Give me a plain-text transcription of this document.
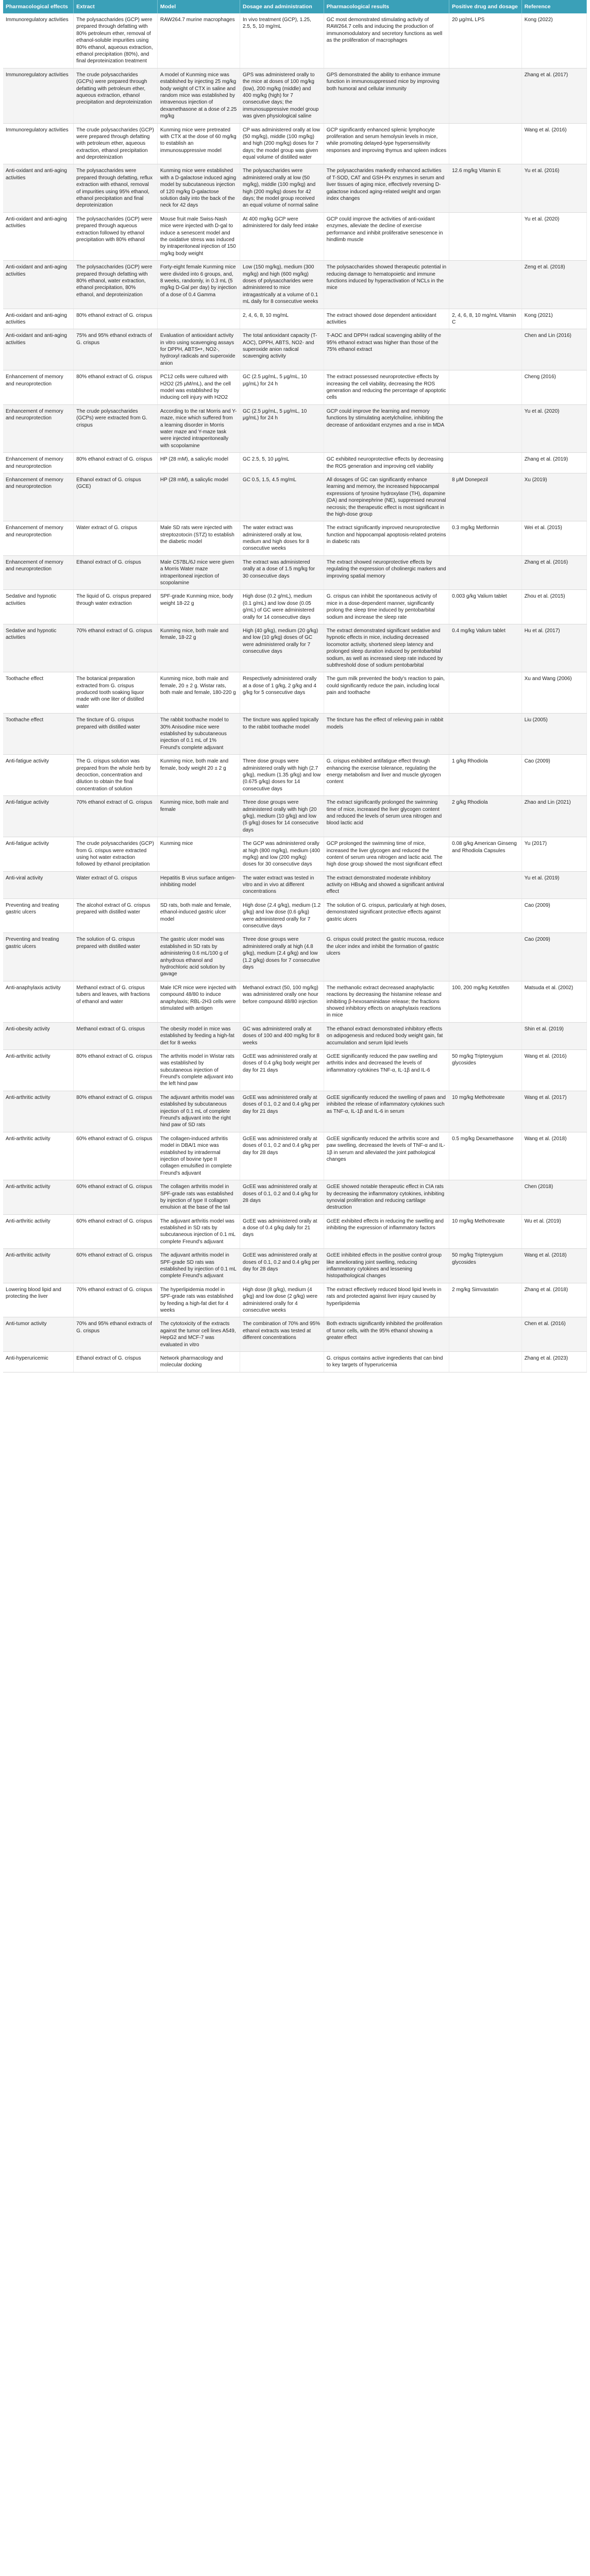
Pharmacological effects	Extract	Model	Dosage and administration	Pharmacological results	Positive drug and dosage	Reference
Immunoregulatory activities	The polysaccharides (GCP) were prepared through defatting with 80% petroleum ether, removal of ethanol-soluble impurities using 80% ethanol, aqueous extraction, ethanol precipitation (80%), and final deproteinization treatment	RAW264.7 murine macrophages	In vivo treatment (GCP), 1.25, 2.5, 5, 10 mg/mL	GC most demonstrated stimulating activity of RAW264.7 cells and inducing the production of immunomodulatory and secretory functions as well as the proliferation of macrophages	20 μg/mL LPS	Kong (2022)
Immunoregulatory activities	The crude polysaccharides (GCPs) were prepared through defatting with petroleum ether, aqueous extraction, ethanol precipitation and deproteinization	A model of Kunming mice was established by injecting 25 mg/kg body weight of CTX in saline and random mice was established by intravenous injection of dexamethasone at a dose of 2.25 mg/kg	GPS was administered orally to the mice at doses of 100 mg/kg (low), 200 mg/kg (middle) and 400 mg/kg (high) for 7 consecutive days; the immunosuppressive model group was given physiological saline	GPS demonstrated the ability to enhance immune function in immunosuppressed mice by improving both humoral and cellular immunity		Zhang et al. (2017)
Immunoregulatory activities	The crude polysaccharides (GCP) were prepared through defatting with petroleum ether, aqueous extraction, ethanol precipitation and deproteinization	Kunming mice were pretreated with CTX at the dose of 60 mg/kg to establish an immunosuppressive model	CP was administered orally at low (50 mg/kg), middle (100 mg/kg) and high (200 mg/kg) doses for 7 days; the model group was given equal volume of distilled water	GCP significantly enhanced splenic lymphocyte proliferation and serum hemolysin levels in mice, while promoting delayed-type hypersensitivity responses and improving thymus and spleen indices		Wang et al. (2016)
Anti-oxidant and anti-aging activities	The polysaccharides were prepared through defatting, reflux extraction with ethanol, removal of impurities using 95% ethanol, ethanol precipitation and final deproteinization	Kunming mice were established with a D-galactose induced aging model by subcutaneous injection of 120 mg/kg D-galactose solution daily into the back of the neck for 42 days	The polysaccharides were administered orally at low (50 mg/kg), middle (100 mg/kg) and high (200 mg/kg) doses for 42 days; the model group received an equal volume of normal saline	The polysaccharides markedly enhanced activities of T-SOD, CAT and GSH-Px enzymes in serum and liver tissues of aging mice, effectively reversing D-galactose induced aging-related weight and organ index changes	12.6 mg/kg Vitamin E	Yu et al. (2016)
Anti-oxidant and anti-aging activities	The polysaccharides (GCP) were prepared through aqueous extraction followed by ethanol precipitation with 80% ethanol	Mouse fruit male Swiss-Nash mice were injected with D-gal to induce a senescent model and the oxidative stress was induced by intraperitoneal injection of 150 mg/kg body weight	At 400 mg/kg GCP were administered for daily feed intake	GCP could improve the activities of anti-oxidant enzymes, alleviate the decline of exercise performance and inhibit proliferative senescence in hindlimb muscle		Yu et al. (2020)
Anti-oxidant and anti-aging activities	The polysaccharides (GCP) were prepared through defatting with 80% ethanol, water extraction, ethanol precipitation, 80% ethanol, and deproteinization	Forty-eight female Kunming mice were divided into 6 groups, and, 8 weeks, randomly, in 0.3 mL (5 mg/kg D-Gal per day) by injection of a dose of 0.4 Gamma	Low (150 mg/kg), medium (300 mg/kg) and high (600 mg/kg) doses of polysaccharides were administered to mice intragastrically at a volume of 0.1 mL daily for 8 consecutive weeks	The polysaccharides showed therapeutic potential in reducing damage to hematopoietic and immune functions induced by hyperactivation of NCLs in the mice		Zeng et al. (2018)
Anti-oxidant and anti-aging activities	80% ethanol extract of G. crispus		2, 4, 6, 8, 10 mg/mL	The extract showed dose dependent antioxidant activities	2, 4, 6, 8, 10 mg/mL Vitamin C	Kong (2021)
Anti-oxidant and anti-aging activities	75% and 95% ethanol extracts of G. crispus	Evaluation of antioxidant activity in vitro using scavenging assays for DPPH, ABTS•+, NO2-, hydroxyl radicals and superoxide anion	The total antioxidant capacity (T-AOC), DPPH, ABTS, NO2- and superoxide anion radical scavenging activity	T-AOC and DPPH radical scavenging ability of the 95% ethanol extract was higher than those of the 75% ethanol extract		Chen and Lin (2016)
Enhancement of memory and neuroprotection	80% ethanol extract of G. crispus	PC12 cells were cultured with H2O2 (25 μM/mL), and the cell model was established by inducing cell injury with H2O2	GC (2.5 μg/mL, 5 μg/mL, 10 μg/mL) for 24 h	The extract possessed neuroprotective effects by increasing the cell viability, decreasing the ROS generation and reducing the percentage of apoptotic cells		Cheng (2016)
Enhancement of memory and neuroprotection	The crude polysaccharides (GCPs) were extracted from G. crispus	According to the rat Morris and Y-maze, mice which suffered from a learning disorder in Morris water maze and Y-maze task were injected intraperitoneally with scopolamine	GC (2.5 μg/mL, 5 μg/mL, 10 μg/mL) for 24 h	GCP could improve the learning and memory functions by stimulating acetylcholine, inhibiting the decrease of antioxidant enzymes and a rise in MDA		Yu et al. (2020)
Enhancement of memory and neuroprotection	80% ethanol extract of G. crispus	HP (28 mM), a salicylic model	GC 2.5, 5, 10 μg/mL	GC exhibited neuroprotective effects by decreasing the ROS generation and improving cell viability		Zhang et al. (2019)
Enhancement of memory and neuroprotection	Ethanol extract of G. crispus (GCE)	HP (28 mM), a salicylic model	GC 0.5, 1.5, 4.5 mg/mL	All dosages of GC can significantly enhance learning and memory, the increased hippocampal expressions of tyrosine hydroxylase (TH), dopamine (DA) and norepinephrine (NE), suppressed neuronal necrosis; the therapeutic effect is most significant in the high-dose group	8 μM Donepezil	Xu (2019)
Enhancement of memory and neuroprotection	Water extract of G. crispus	Male SD rats were injected with streptozotocin (STZ) to establish the diabetic model	The water extract was administered orally at low, medium and high doses for 8 consecutive weeks	The extract significantly improved neuroprotective function and hippocampal apoptosis-related proteins in diabetic rats	0.3 mg/kg Metformin	Wei et al. (2015)
Enhancement of memory and neuroprotection	Ethanol extract of G. crispus	Male C57BL/6J mice were given a Morris Water maze intraperitoneal injection of scopolamine	The extract was administered orally at a dose of 1.5 mg/kg for 30 consecutive days	The extract showed neuroprotective effects by regulating the expression of cholinergic markers and improving spatial memory		Zhang et al. (2016)
Sedative and hypnotic activities	The liquid of G. crispus prepared through water extraction	SPF-grade Kunming mice, body weight 18-22 g	High dose (0.2 g/mL), medium (0.1 g/mL) and low dose (0.05 g/mL) of GC were administered orally for 14 consecutive days	G. crispus can inhibit the spontaneous activity of mice in a dose-dependent manner, significantly prolong the sleep time induced by pentobarbital sodium and increase the sleep rate	0.003 g/kg Valium tablet	Zhou et al. (2015)
Sedative and hypnotic activities	70% ethanol extract of G. crispus	Kunming mice, both male and female, 18-22 g	High (40 g/kg), medium (20 g/kg) and low (10 g/kg) doses of GC were administered orally for 7 consecutive days	The extract demonstrated significant sedative and hypnotic effects in mice, including decreased locomotor activity, shortened sleep latency and prolonged sleep duration induced by pentobarbital sodium, as well as increased sleep rate induced by subthreshold dose of sodium pentobarbital	0.4 mg/kg Valium tablet	Hu et al. (2017)
Toothache effect	The botanical preparation extracted from G. crispus produced tooth soaking liquor made with one liter of distilled water	Kunming mice, both male and female, 20 ± 2 g. Wistar rats, both male and female, 180-220 g	Respectively administered orally at a dose of 1 g/kg, 2 g/kg and 4 g/kg for 5 consecutive days	The gum milk prevented the body's reaction to pain, could significantly reduce the pain, including local pain and toothache		Xu and Wang (2006)
Toothache effect	The tincture of G. crispus prepared with distilled water	The rabbit toothache model to 30% Anisodine mice were established by subcutaneous injection of 0.1 mL of 1% Freund's complete adjuvant	The tincture was applied topically to the rabbit toothache model	The tincture has the effect of relieving pain in rabbit models		Liu (2005)
Anti-fatigue activity	The G. crispus solution was prepared from the whole herb by decoction, concentration and dilution to obtain the final concentration of solution	Kunming mice, both male and female, body weight 20 ± 2 g	Three dose groups were administered orally with high (2.7 g/kg), medium (1.35 g/kg) and low (0.675 g/kg) doses for 14 consecutive days	G. crispus exhibited antifatigue effect through enhancing the exercise tolerance, regulating the energy metabolism and liver and muscle glycogen content	1 g/kg Rhodiola	Cao (2009)
Anti-fatigue activity	70% ethanol extract of G. crispus	Kunming mice, both male and female	Three dose groups were administered orally with high (20 g/kg), medium (10 g/kg) and low (5 g/kg) doses for 14 consecutive days	The extract significantly prolonged the swimming time of mice, increased the liver glycogen content and reduced the levels of serum urea nitrogen and blood lactic acid	2 g/kg Rhodiola	Zhao and Lin (2021)
Anti-fatigue activity	The crude polysaccharides (GCP) from G. crispus were extracted using hot water extraction followed by ethanol precipitation	Kunming mice	The GCP was administered orally at high (800 mg/kg), medium (400 mg/kg) and low (200 mg/kg) doses for 30 consecutive days	GCP prolonged the swimming time of mice, increased the liver glycogen and reduced the content of serum urea nitrogen and lactic acid. The high dose group showed the most significant effect	0.08 g/kg American Ginseng and Rhodiola Capsules	Yu (2017)
Anti-viral activity	Water extract of G. crispus	Hepatitis B virus surface antigen-inhibiting model	The water extract was tested in vitro and in vivo at different concentrations	The extract demonstrated moderate inhibitory activity on HBsAg and showed a significant antiviral effect		Yu et al. (2019)
Preventing and treating gastric ulcers	The alcohol extract of G. crispus prepared with distilled water	SD rats, both male and female, ethanol-induced gastric ulcer model	High dose (2.4 g/kg), medium (1.2 g/kg) and low dose (0.6 g/kg) were administered orally for 7 consecutive days	The solution of G. crispus, particularly at high doses, demonstrated significant protective effects against gastric ulcers		Cao (2009)
Preventing and treating gastric ulcers	The solution of G. crispus prepared with distilled water	The gastric ulcer model was established in SD rats by administering 0.6 mL/100 g of anhydrous ethanol and hydrochloric acid solution by gavage	Three dose groups were administered orally at high (4.8 g/kg), medium (2.4 g/kg) and low (1.2 g/kg) doses for 7 consecutive days	G. crispus could protect the gastric mucosa, reduce the ulcer index and inhibit the formation of gastric ulcers		Cao (2009)
Anti-anaphylaxis activity	Methanol extract of G. crispus tubers and leaves, with fractions of ethanol and water	Male ICR mice were injected with compound 48/80 to induce anaphylaxis; RBL-2H3 cells were stimulated with antigen	Methanol extract (50, 100 mg/kg) was administered orally one hour before compound 48/80 injection	The methanolic extract decreased anaphylactic reactions by decreasing the histamine release and inhibiting β-hexosaminidase release; the fractions showed inhibitory effects on anaphylaxis reactions in mice	100, 200 mg/kg Ketotifen	Matsuda et al. (2002)
Anti-obesity activity	Methanol extract of G. crispus	The obesity model in mice was established by feeding a high-fat diet for 8 weeks	GC was administered orally at doses of 100 and 400 mg/kg for 8 weeks	The ethanol extract demonstrated inhibitory effects on adipogenesis and reduced body weight gain, fat accumulation and serum lipid levels		Shin et al. (2019)
Anti-arthritic activity	80% ethanol extract of G. crispus	The arthritis model in Wistar rats was established by subcutaneous injection of Freund's complete adjuvant into the left hind paw	GcEE was administered orally at doses of 0.4 g/kg body weight per day for 21 days	GcEE significantly reduced the paw swelling and arthritis index and decreased the levels of inflammatory cytokines TNF-α, IL-1β and IL-6	50 mg/kg Tripterygium glycosides	Wang et al. (2016)
Anti-arthritic activity	80% ethanol extract of G. crispus	The adjuvant arthritis model was established by subcutaneous injection of 0.1 mL of complete Freund's adjuvant into the right hind paw of SD rats	GcEE was administered orally at doses of 0.1, 0.2 and 0.4 g/kg per day for 21 days	GcEE significantly reduced the swelling of paws and inhibited the release of inflammatory cytokines such as TNF-α, IL-1β and IL-6 in serum	10 mg/kg Methotrexate	Wang et al. (2017)
Anti-arthritic activity	60% ethanol extract of G. crispus	The collagen-induced arthritis model in DBA/1 mice was established by intradermal injection of bovine type II collagen emulsified in complete Freund's adjuvant	GcEE was administered orally at doses of 0.1, 0.2 and 0.4 g/kg per day for 28 days	GcEE significantly reduced the arthritis score and paw swelling, decreased the levels of TNF-α and IL-1β in serum and alleviated the joint pathological changes	0.5 mg/kg Dexamethasone	Wang et al. (2018)
Anti-arthritic activity	60% ethanol extract of G. crispus	The collagen arthritis model in SPF-grade rats was established by injection of type II collagen emulsion at the base of the tail	GcEE was administered orally at doses of 0.1, 0.2 and 0.4 g/kg for 28 days	GcEE showed notable therapeutic effect in CIA rats by decreasing the inflammatory cytokines, inhibiting synovial proliferation and reducing cartilage destruction		Chen (2018)
Anti-arthritic activity	60% ethanol extract of G. crispus	The adjuvant arthritis model was established in SD rats by subcutaneous injection of 0.1 mL complete Freund's adjuvant	GcEE was administered orally at a dose of 0.4 g/kg daily for 21 days	GcEE exhibited effects in reducing the swelling and inhibiting the expression of inflammatory factors	10 mg/kg Methotrexate	Wu et al. (2019)
Anti-arthritic activity	60% ethanol extract of G. crispus	The adjuvant arthritis model in SPF-grade SD rats was established by injection of 0.1 mL complete Freund's adjuvant	GcEE was administered orally at doses of 0.1, 0.2 and 0.4 g/kg per day for 28 days	GcEE inhibited effects in the positive control group like ameliorating joint swelling, reducing inflammatory cytokines and lessening histopathological changes	50 mg/kg Tripterygium glycosides	Wang et al. (2018)
Lowering blood lipid and protecting the liver	70% ethanol extract of G. crispus	The hyperlipidemia model in SPF-grade rats was established by feeding a high-fat diet for 4 weeks	High dose (8 g/kg), medium (4 g/kg) and low dose (2 g/kg) were administered orally for 4 consecutive weeks	The extract effectively reduced blood lipid levels in rats and protected against liver injury caused by hyperlipidemia	2 mg/kg Simvastatin	Zhang et al. (2018)
Anti-tumor activity	70% and 95% ethanol extracts of G. crispus	The cytotoxicity of the extracts against the tumor cell lines A549, HepG2 and MCF-7 was evaluated in vitro	The combination of 70% and 95% ethanol extracts was tested at different concentrations	Both extracts significantly inhibited the proliferation of tumor cells, with the 95% ethanol showing a greater effect		Chen et al. (2016)
Anti-hyperuricemic	Ethanol extract of G. crispus	Network pharmacology and molecular docking		G. crispus contains active ingredients that can bind to key targets of hyperuricemia		Zhang et al. (2023)
